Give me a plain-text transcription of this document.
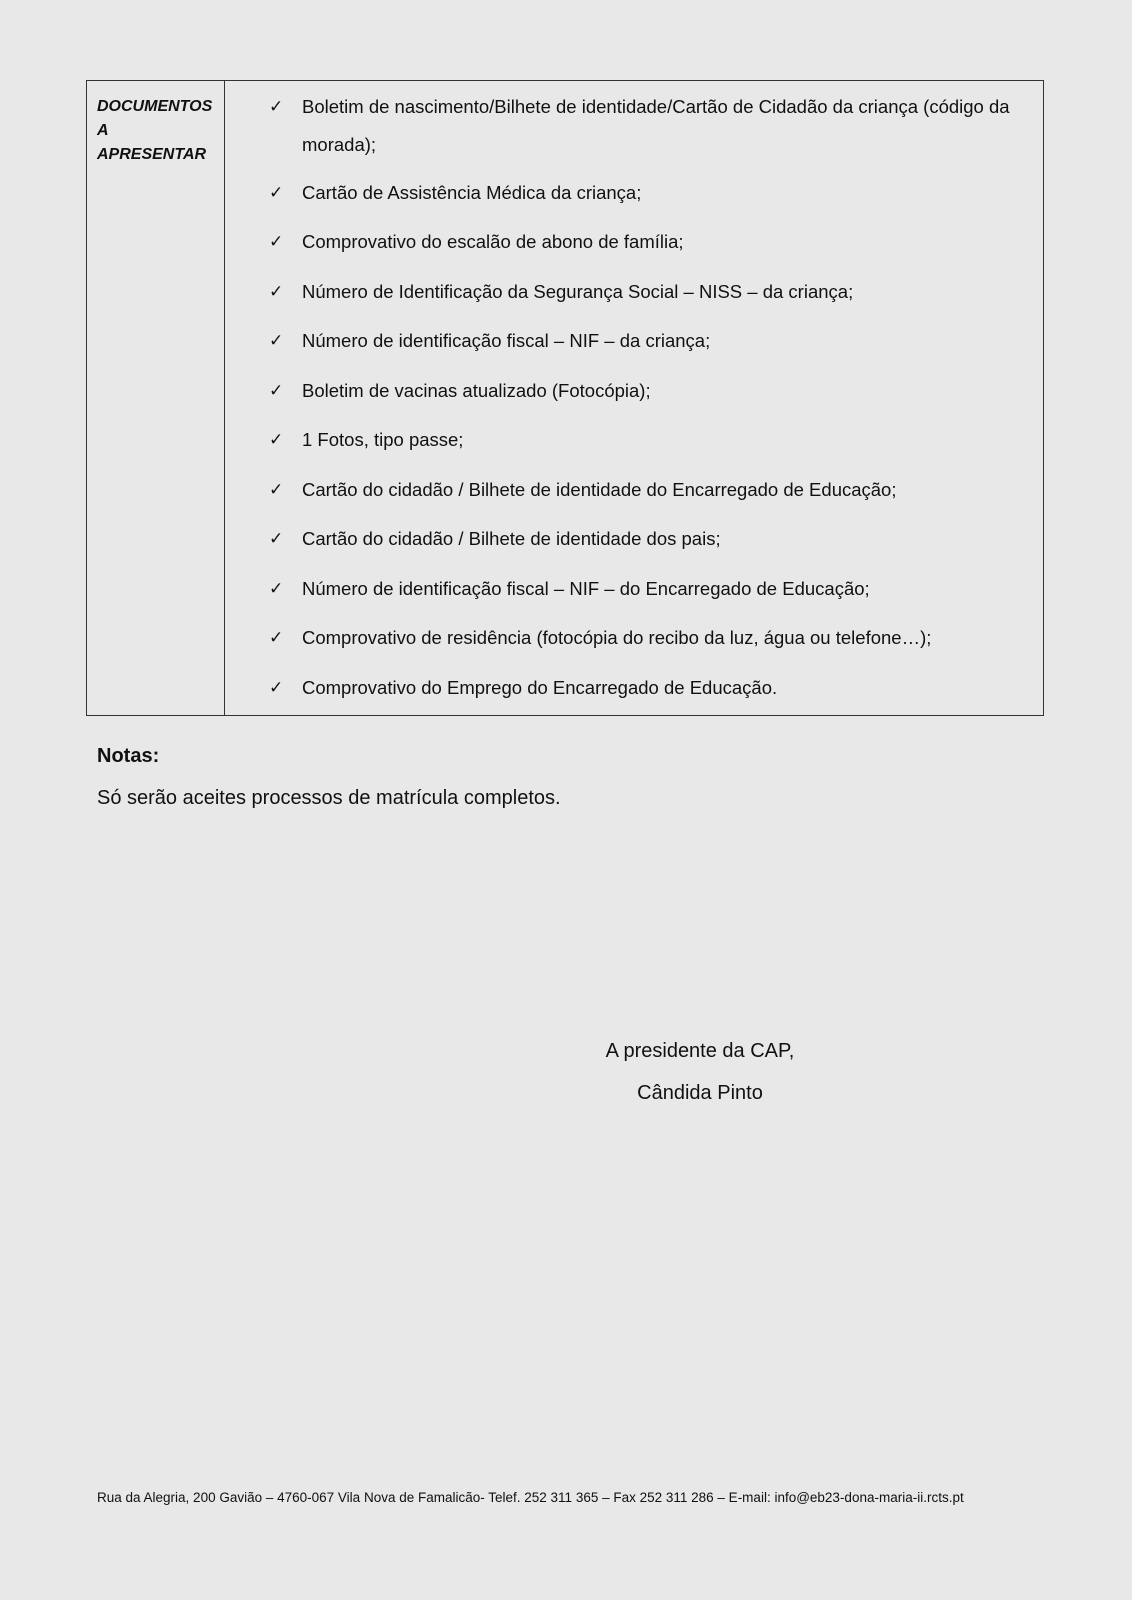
DOCUMENTOS
A
APRESENTAR
✓ Boletim de nascimento/Bilhete de identidade/Cartão de Cidadão da criança (código da morada);
✓ Cartão de Assistência Médica da criança;
✓ Comprovativo do escalão de abono de família;
✓ Número de Identificação da Segurança Social – NISS – da criança;
✓ Número de identificação fiscal – NIF – da criança;
✓ Boletim de vacinas atualizado (Fotocópia);
✓ 1 Fotos, tipo passe;
✓ Cartão do cidadão / Bilhete de identidade do Encarregado de Educação;
✓ Cartão do cidadão / Bilhete de identidade dos pais;
✓ Número de identificação fiscal – NIF – do Encarregado de Educação;
✓ Comprovativo de residência (fotocópia do recibo da luz, água ou telefone…);
✓ Comprovativo do Emprego do Encarregado de Educação.
Notas:
Só serão aceites processos de matrícula completos.
A presidente da CAP,
Cândida Pinto
Rua da Alegria, 200 Gavião – 4760-067 Vila Nova de Famalicão- Telef. 252 311 365 – Fax 252 311 286 – E-mail: info@eb23-dona-maria-ii.rcts.pt
